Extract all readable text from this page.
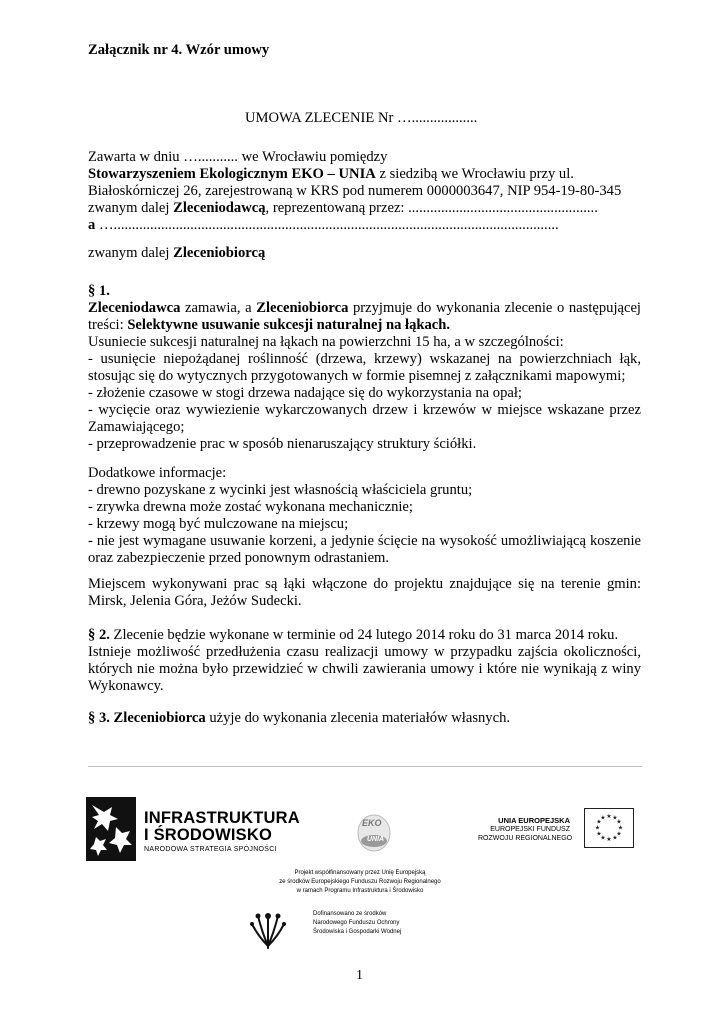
Załącznik nr 4. Wzór umowy
UMOWA ZLECENIE Nr …..................
Zawarta w dniu …........... we Wrocławiu pomiędzy
Stowarzyszeniem Ekologicznym EKO – UNIA z siedzibą we Wrocławiu przy ul.
Białoskórniczej 26, zarejestrowaną w KRS pod numerem 0000003647, NIP 954-19-80-345
zwanym dalej Zleceniodawcą, reprezentowaną przez: ....................................................
a …..........................................................................................................................
zwanym dalej Zleceniobiorcą
§ 1.
Zleceniodawca zamawia, a Zleceniobiorca przyjmuje do wykonania zlecenie o następującej
treści: Selektywne usuwanie sukcesji naturalnej na łąkach.
Usuniecie sukcesji naturalnej na łąkach na powierzchni 15 ha, a w szczególności:
- usunięcie niepożądanej roślinność (drzewa, krzewy) wskazanej na powierzchniach łąk,
stosując się do wytycznych przygotowanych w formie pisemnej z załącznikami mapowymi;
- złożenie czasowe w stogi drzewa nadające się do wykorzystania na opał;
- wycięcie oraz wywiezienie wykarczowanych drzew i krzewów w miejsce wskazane przez
Zamawiającego;
- przeprowadzenie prac w sposób nienaruszający struktury ściółki.
Dodatkowe informacje:
- drewno pozyskane z wycinki jest własnością właściciela gruntu;
- zrywka drewna może zostać wykonana mechanicznie;
- krzewy mogą być mulczowane na miejscu;
- nie jest wymagane usuwanie korzeni, a jedynie ścięcie na wysokość umożliwiającą koszenie
oraz zabezpieczenie przed ponownym odrastaniem.
Miejscem wykonywani prac są łąki włączone do projektu znajdujące się na terenie gmin:
Mirsk, Jelenia Góra, Jeżów Sudecki.
§ 2. Zlecenie będzie wykonane w terminie od 24 lutego 2014 roku do 31 marca 2014 roku.
Istnieje możliwość przedłużenia czasu realizacji umowy w przypadku zajścia okoliczności,
których nie można było przewidzieć w chwili zawierania umowy i które nie wynikają z winy
Wykonawcy.
§ 3. Zleceniobiorca użyje do wykonania zlecenia materiałów własnych.
INFRASTRUKTURA
I ŚRODOWISKO
NARODOWA STRATEGIA SPÓJNOŚCI
EKO
UNIA
UNIA EUROPEJSKA
EUROPEJSKI FUNDUSZ
ROZWOJU REGIONALNEGO
★ ★
★
★
★
★
★
★
★
★
★
★
Projekt współfinansowany przez Unię Europejską
ze środków Europejskiego Funduszu Rozwoju Regionalnego
w ramach Programu Infrastruktura i Środowisko
Dofinansowano ze środków
Narodowego Funduszu Ochrony
Środowiska i Gospodarki Wodnej
1
